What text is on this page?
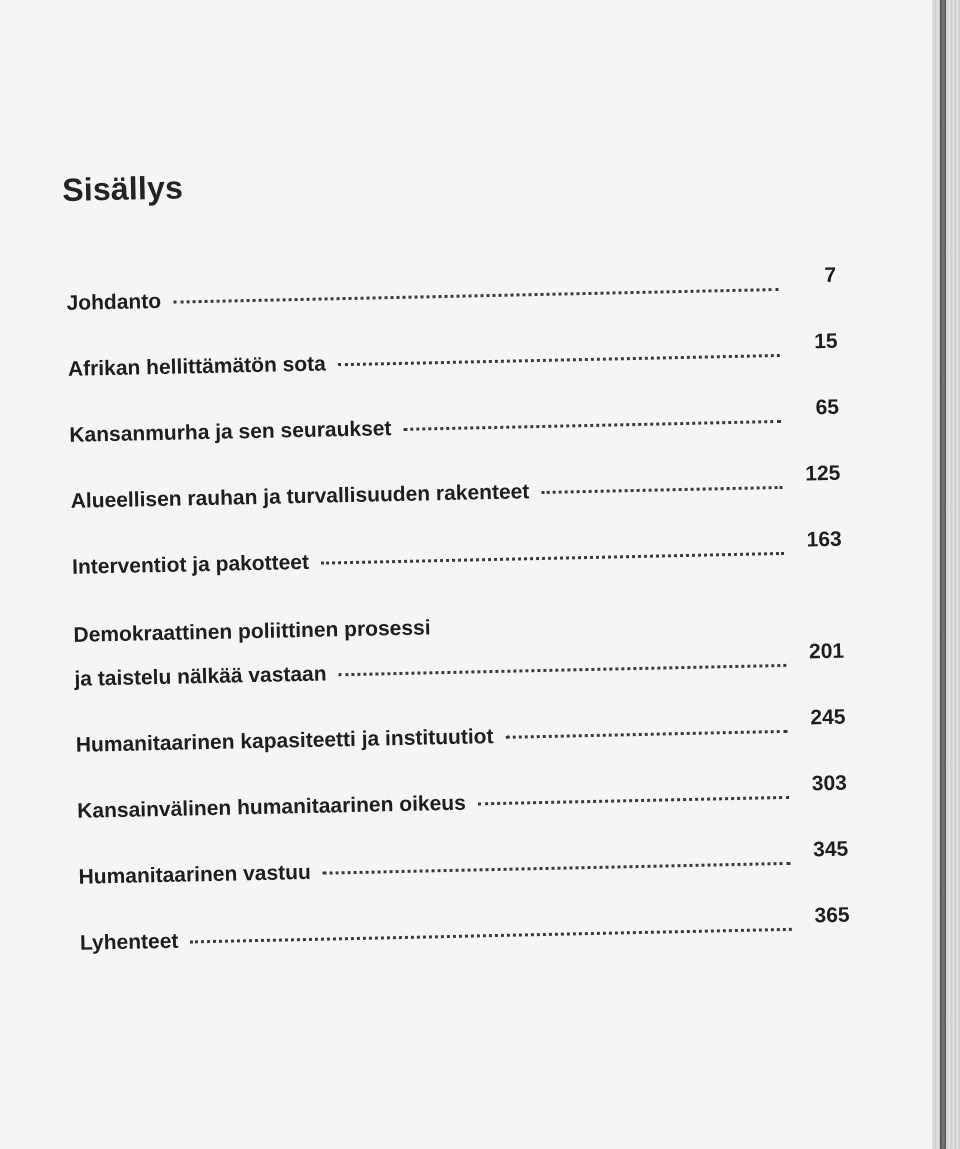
Sisällys
Johdanto
7
Afrikan hellittämätön sota
15
Kansanmurha ja sen seuraukset
65
Alueellisen rauhan ja turvallisuuden rakenteet
125
Interventiot ja pakotteet
163
Demokraattinen poliittinen prosessi
ja taistelu nälkää vastaan
201
Humanitaarinen kapasiteetti ja instituutiot
245
Kansainvälinen humanitaarinen oikeus
303
Humanitaarinen vastuu
345
Lyhenteet
365
